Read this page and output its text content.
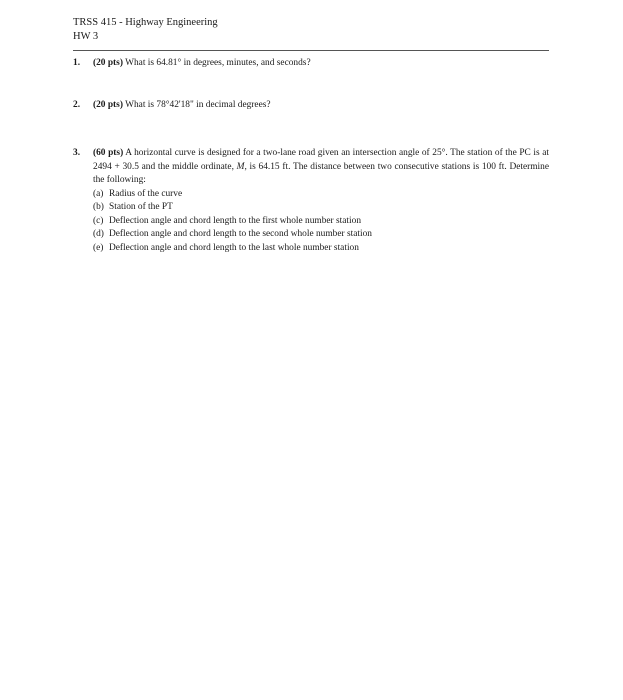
TRSS 415 - Highway Engineering
HW 3
1. (20 pts) What is 64.81° in degrees, minutes, and seconds?
2. (20 pts) What is 78°42'18" in decimal degrees?
3. (60 pts) A horizontal curve is designed for a two-lane road given an intersection angle of 25°. The station of the PC is at 2494 + 30.5 and the middle ordinate, M, is 64.15 ft. The distance between two consecutive stations is 100 ft. Determine the following:
(a) Radius of the curve
(b) Station of the PT
(c) Deflection angle and chord length to the first whole number station
(d) Deflection angle and chord length to the second whole number station
(e) Deflection angle and chord length to the last whole number station
